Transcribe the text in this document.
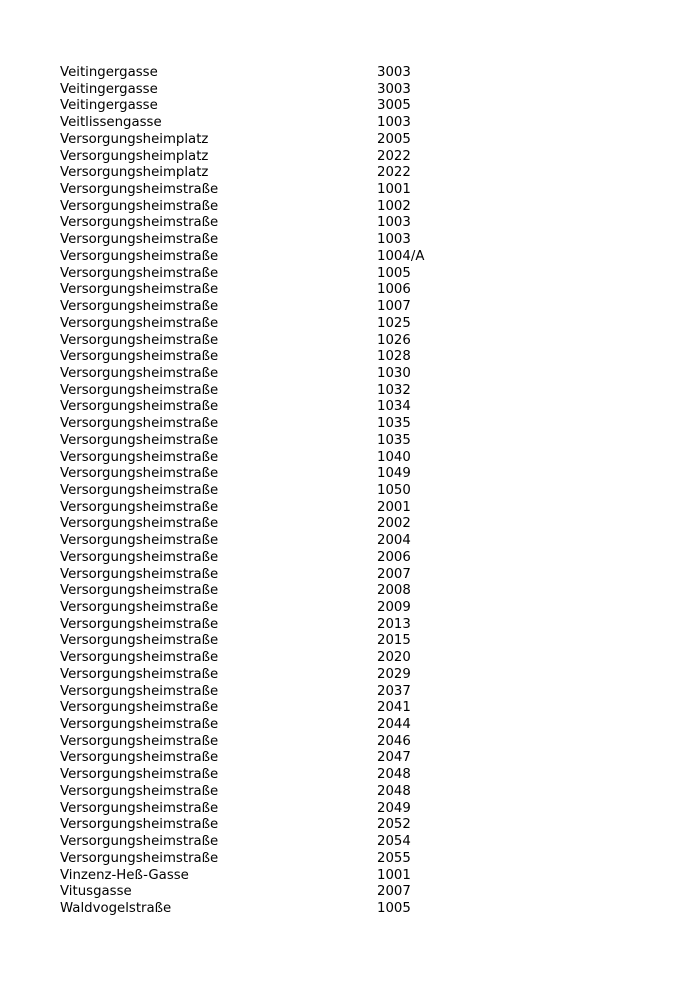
Veitingergasse	3003
Veitingergasse	3003
Veitingergasse	3005
Veitlissengasse	1003
Versorgungsheimplatz	2005
Versorgungsheimplatz	2022
Versorgungsheimplatz	2022
Versorgungsheimstraße	1001
Versorgungsheimstraße	1002
Versorgungsheimstraße	1003
Versorgungsheimstraße	1003
Versorgungsheimstraße	1004/A
Versorgungsheimstraße	1005
Versorgungsheimstraße	1006
Versorgungsheimstraße	1007
Versorgungsheimstraße	1025
Versorgungsheimstraße	1026
Versorgungsheimstraße	1028
Versorgungsheimstraße	1030
Versorgungsheimstraße	1032
Versorgungsheimstraße	1034
Versorgungsheimstraße	1035
Versorgungsheimstraße	1035
Versorgungsheimstraße	1040
Versorgungsheimstraße	1049
Versorgungsheimstraße	1050
Versorgungsheimstraße	2001
Versorgungsheimstraße	2002
Versorgungsheimstraße	2004
Versorgungsheimstraße	2006
Versorgungsheimstraße	2007
Versorgungsheimstraße	2008
Versorgungsheimstraße	2009
Versorgungsheimstraße	2013
Versorgungsheimstraße	2015
Versorgungsheimstraße	2020
Versorgungsheimstraße	2029
Versorgungsheimstraße	2037
Versorgungsheimstraße	2041
Versorgungsheimstraße	2044
Versorgungsheimstraße	2046
Versorgungsheimstraße	2047
Versorgungsheimstraße	2048
Versorgungsheimstraße	2048
Versorgungsheimstraße	2049
Versorgungsheimstraße	2052
Versorgungsheimstraße	2054
Versorgungsheimstraße	2055
Vinzenz-Heß-Gasse	1001
Vitusgasse	2007
Waldvogelstraße	1005
